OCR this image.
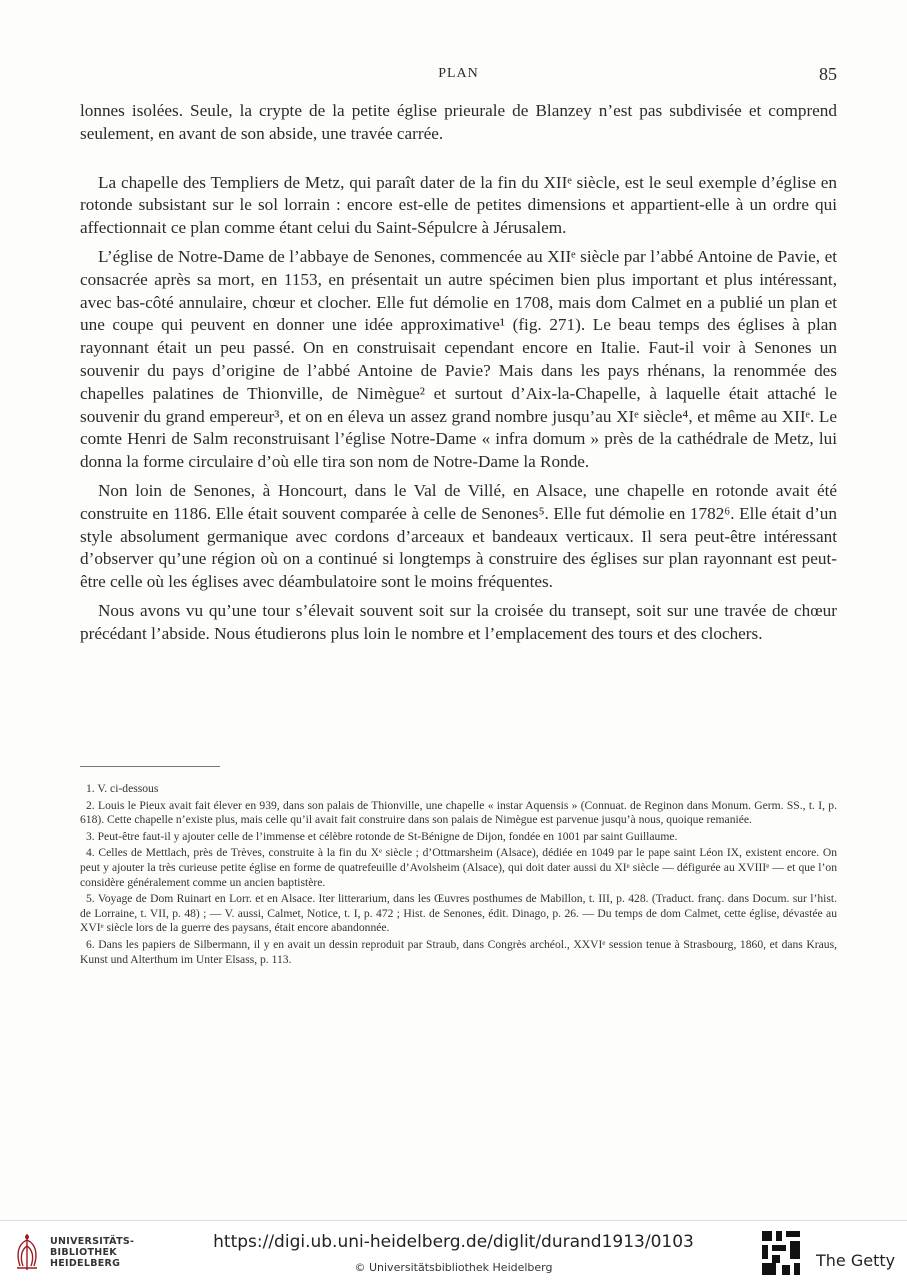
PLAN	85

lonnes isolées. Seule, la crypte de la petite église prieurale de Blanzey n’est pas subdivisée et comprend seulement, en avant de son abside, une travée carrée.

La chapelle des Templiers de Metz, qui paraît dater de la fin du XIIᵉ siècle, est le seul exemple d’église en rotonde subsistant sur le sol lorrain : encore est-elle de petites dimensions et appartient-elle à un ordre qui affectionnait ce plan comme étant celui du Saint-Sépulcre à Jérusalem.

L’église de Notre-Dame de l’abbaye de Senones, commencée au XIIᵉ siècle par l’abbé Antoine de Pavie, et consacrée après sa mort, en 1153, en présentait un autre spécimen bien plus important et plus intéressant, avec bas-côté annulaire, chœur et clocher. Elle fut démolie en 1708, mais dom Calmet en a publié un plan et une coupe qui peuvent en donner une idée approximative¹ (fig. 271). Le beau temps des églises à plan rayonnant était un peu passé. On en construisait cependant encore en Italie. Faut-il voir à Senones un souvenir du pays d’origine de l’abbé Antoine de Pavie? Mais dans les pays rhénans, la renommée des chapelles palatines de Thionville, de Nimègue² et surtout d’Aix-la-Chapelle, à laquelle était attaché le souvenir du grand empereur³, et on en éleva un assez grand nombre jusqu’au XIᵉ siècle⁴, et même au XIIᵉ. Le comte Henri de Salm reconstruisant l’église Notre-Dame « infra domum » près de la cathédrale de Metz, lui donna la forme circulaire d’où elle tira son nom de Notre-Dame la Ronde.

Non loin de Senones, à Honcourt, dans le Val de Villé, en Alsace, une chapelle en rotonde avait été construite en 1186. Elle était souvent comparée à celle de Senones⁵. Elle fut démolie en 1782⁶. Elle était d’un style absolument germanique avec cordons d’arceaux et bandeaux verticaux. Il sera peut-être intéressant d’observer qu’une région où on a continué si longtemps à construire des églises sur plan rayonnant est peut-être celle où les églises avec déambulatoire sont le moins fréquentes.

Nous avons vu qu’une tour s’élevait souvent soit sur la croisée du transept, soit sur une travée de chœur précédant l’abside. Nous étudierons plus loin le nombre et l’emplacement des tours et des clochers.

1. V. ci-dessous

2. Louis le Pieux avait fait élever en 939, dans son palais de Thionville, une chapelle « instar Aquensis » (Connuat. de Reginon dans Monum. Germ. SS., t. I, p. 618). Cette chapelle n’existe plus, mais celle qu’il avait fait construire dans son palais de Nimègue est parvenue jusqu’à nous, quoique remaniée.

3. Peut-être faut-il y ajouter celle de l’immense et célèbre rotonde de St-Bénigne de Dijon, fondée en 1001 par saint Guillaume.

4. Celles de Mettlach, près de Trèves, construite à la fin du Xᵉ siècle ; d’Ottmarsheim (Alsace), dédiée en 1049 par le pape saint Léon IX, existent encore. On peut y ajouter la très curieuse petite église en forme de quatrefeuille d’Avolsheim (Alsace), qui doit dater aussi du XIᵉ siècle — défigurée au XVIIIᵉ — et que l’on considère généralement comme un ancien baptistère.

5. Voyage de Dom Ruinart en Lorr. et en Alsace. Iter litterarium, dans les Œuvres posthumes de Mabillon, t. III, p. 428. (Traduct. franç. dans Docum. sur l’hist. de Lorraine, t. VII, p. 48) ; — V. aussi, Calmet, Notice, t. I, p. 472 ; Hist. de Senones, édit. Dinago, p. 26. — Du temps de dom Calmet, cette église, dévastée au XVIᵉ siècle lors de la guerre des paysans, était encore abandonnée.

6. Dans les papiers de Silbermann, il y en avait un dessin reproduit par Straub, dans Congrès archéol., XXVIᵉ session tenue à Strasbourg, 1860, et dans Kraus, Kunst und Alterthum im Unter Elsass, p. 113.

UNIVERSITÄTS-
BIBLIOTHEK
HEIDELBERG
https://digi.ub.uni-heidelberg.de/diglit/durand1913/0103
© Universitätsbibliothek Heidelberg	The Getty
